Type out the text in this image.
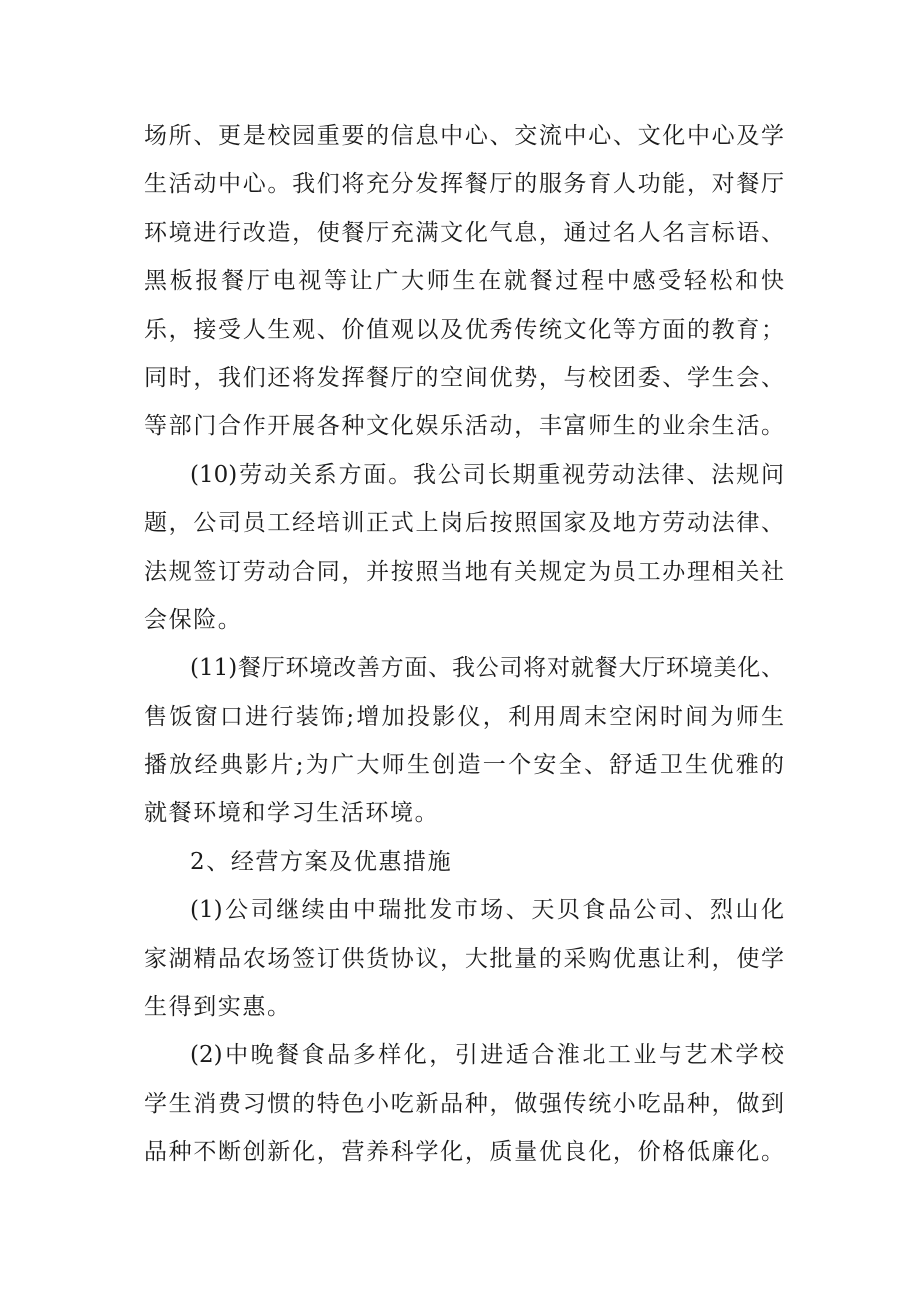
场所、更是校园重要的信息中心、交流中心、文化中心及学
生活动中心。我们将充分发挥餐厅的服务育人功能，对餐厅
环境进行改造，使餐厅充满文化气息，通过名人名言标语、
黑板报餐厅电视等让广大师生在就餐过程中感受轻松和快
乐，接受人生观、价值观以及优秀传统文化等方面的教育；
同时，我们还将发挥餐厅的空间优势，与校团委、学生会、
等部门合作开展各种文化娱乐活动，丰富师生的业余生活。
(10)劳动关系方面。我公司长期重视劳动法律、法规问
题，公司员工经培训正式上岗后按照国家及地方劳动法律、
法规签订劳动合同，并按照当地有关规定为员工办理相关社
会保险。
(11)餐厅环境改善方面、我公司将对就餐大厅环境美化、
售饭窗口进行装饰;增加投影仪，利用周末空闲时间为师生
播放经典影片;为广大师生创造一个安全、舒适卫生优雅的
就餐环境和学习生活环境。
2、经营方案及优惠措施
(1)公司继续由中瑞批发市场、天贝食品公司、烈山化
家湖精品农场签订供货协议，大批量的采购优惠让利，使学
生得到实惠。
(2)中晚餐食品多样化，引进适合淮北工业与艺术学校
学生消费习惯的特色小吃新品种，做强传统小吃品种，做到
品种不断创新化，营养科学化，质量优良化，价格低廉化。
